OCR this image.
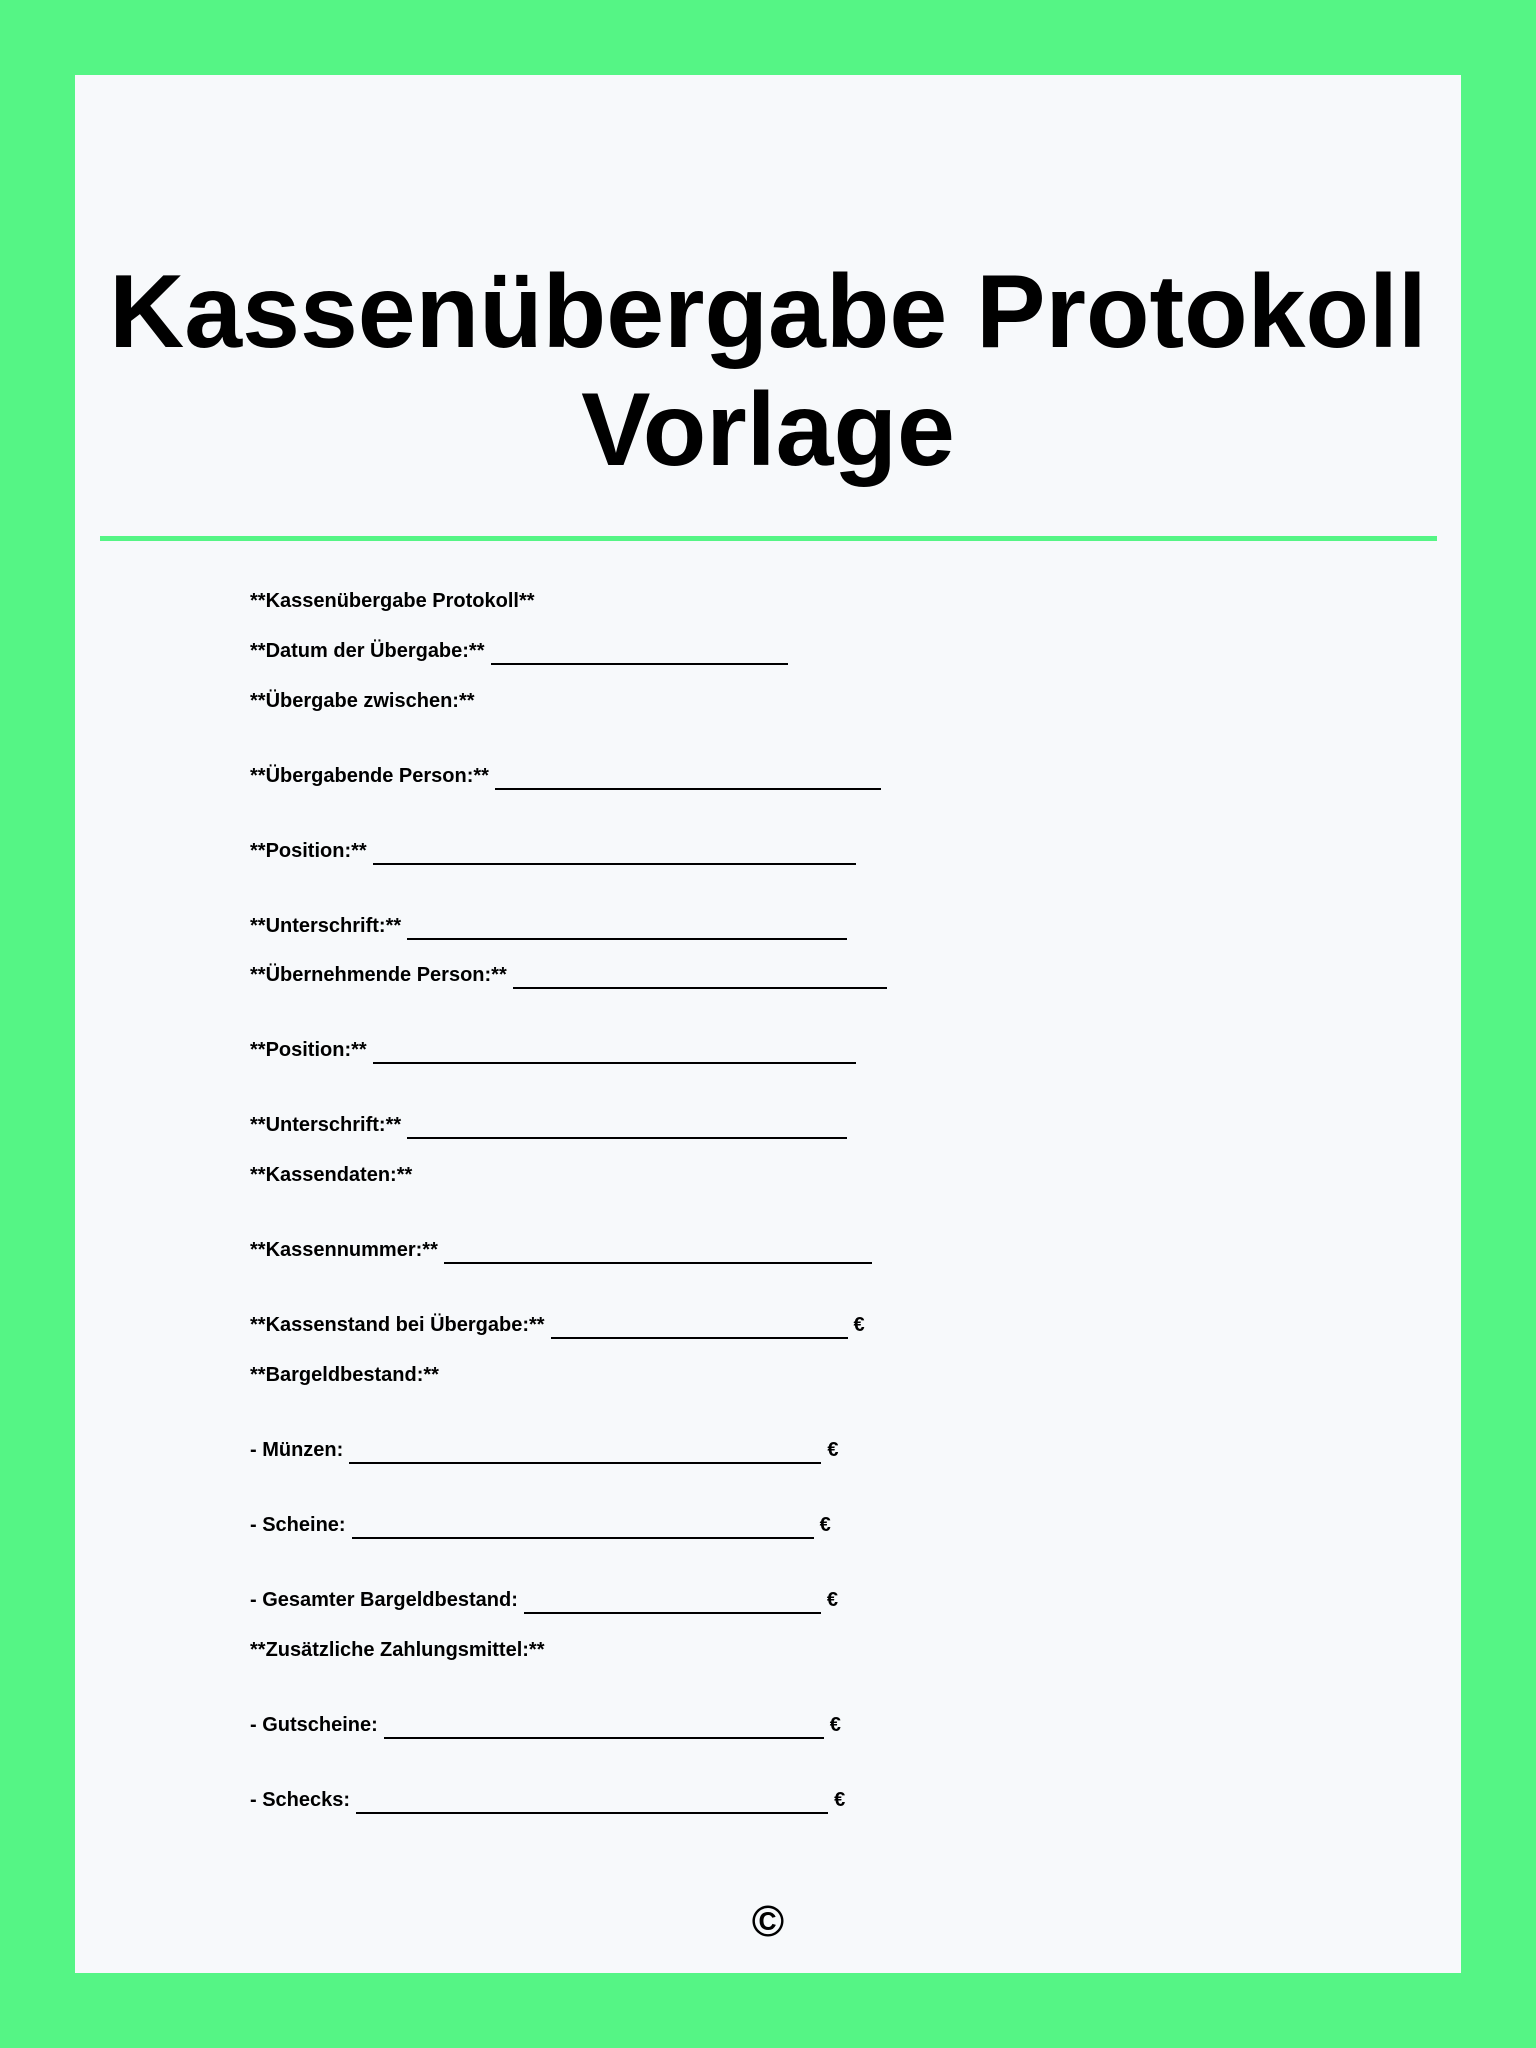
Kassenübergabe Protokoll
Vorlage
**Kassenübergabe Protokoll**
**Datum der Übergabe:**
**Übergabe zwischen:**
**Übergabende Person:**
**Position:**
**Unterschrift:**
**Übernehmende Person:**
**Position:**
**Unterschrift:**
**Kassendaten:**
**Kassennummer:**
**Kassenstand bei Übergabe:**	€
**Bargeldbestand:**
- Münzen:	€
- Scheine:	€
- Gesamter Bargeldbestand:	€
**Zusätzliche Zahlungsmittel:**
- Gutscheine:	€
- Schecks:	€
©
